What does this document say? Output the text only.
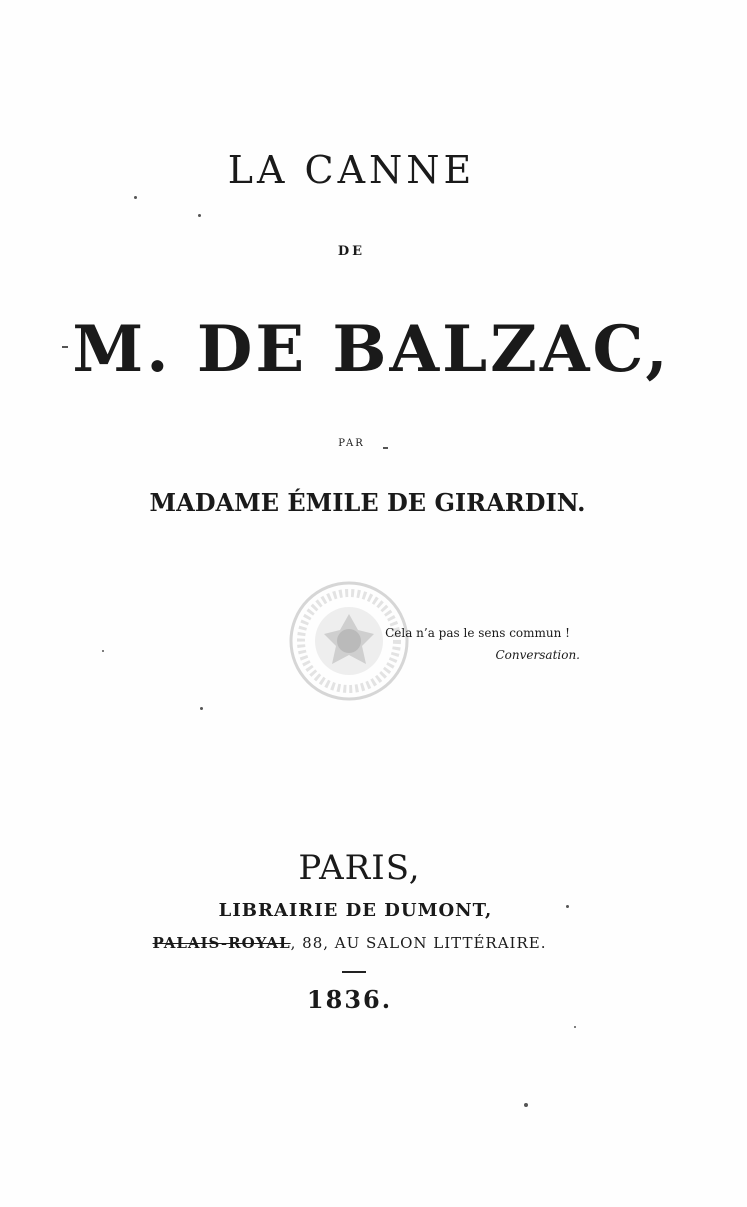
LA CANNE
DE
M. DE BALZAC,
PAR
MADAME ÉMILE DE GIRARDIN.
Cela n’a pas le sens commun !
Conversation.
PARIS,
LIBRAIRIE DE DUMONT,
PALAIS-ROYAL, 88, AU SALON LITTÉRAIRE.
1836.
